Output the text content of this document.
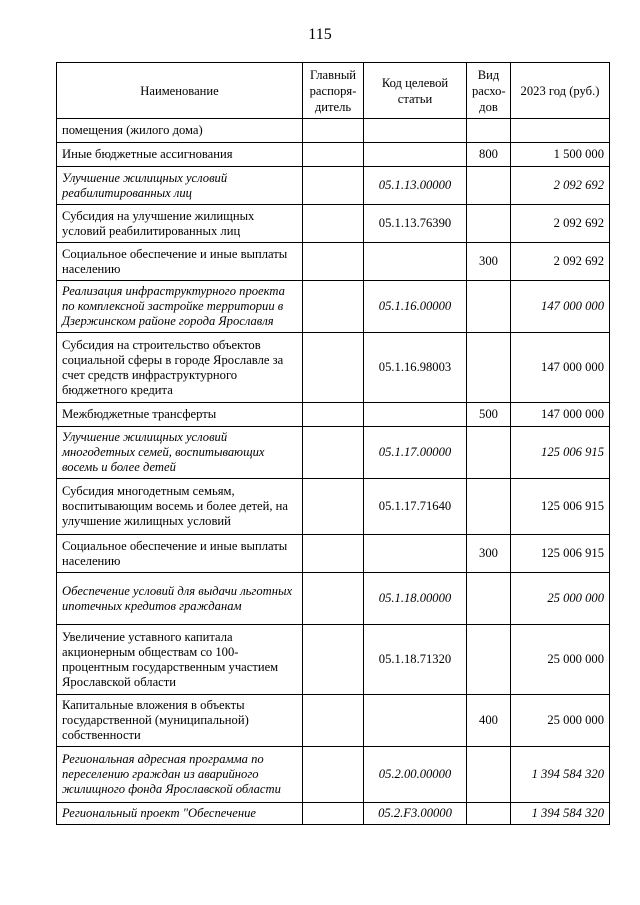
115
Наименование	Главный распоря-дитель	Код целевой статьи	Вид расхо-дов	2023 год (руб.)
помещения (жилого дома)				
Иные бюджетные ассигнования			800	1 500 000
Улучшение жилищных условий реабилитированных лиц		05.1.13.00000		2 092 692
Субсидия на улучшение жилищных условий реабилитированных лиц		05.1.13.76390		2 092 692
Социальное обеспечение и иные выплаты населению			300	2 092 692
Реализация инфраструктурного проекта по комплексной застройке территории в Дзержинском районе города Ярославля		05.1.16.00000		147 000 000
Субсидия на строительство объектов социальной сферы в городе Ярославле за счет средств инфраструктурного бюджетного кредита		05.1.16.98003		147 000 000
Межбюджетные трансферты			500	147 000 000
Улучшение жилищных условий многодетных семей, воспитывающих восемь и более детей		05.1.17.00000		125 006 915
Субсидия многодетным семьям, воспитывающим восемь и более детей, на улучшение жилищных условий		05.1.17.71640		125 006 915
Социальное обеспечение и иные выплаты населению			300	125 006 915
Обеспечение условий для выдачи льготных ипотечных кредитов гражданам		05.1.18.00000		25 000 000
Увеличение уставного капитала акционерным обществам со 100-процентным государственным участием Ярославской области		05.1.18.71320		25 000 000
Капитальные вложения в объекты государственной (муниципальной) собственности			400	25 000 000
Региональная адресная программа по переселению граждан из аварийного жилищного фонда Ярославской области		05.2.00.00000		1 394 584 320
Региональный проект "Обеспечение		05.2.F3.00000		1 394 584 320
